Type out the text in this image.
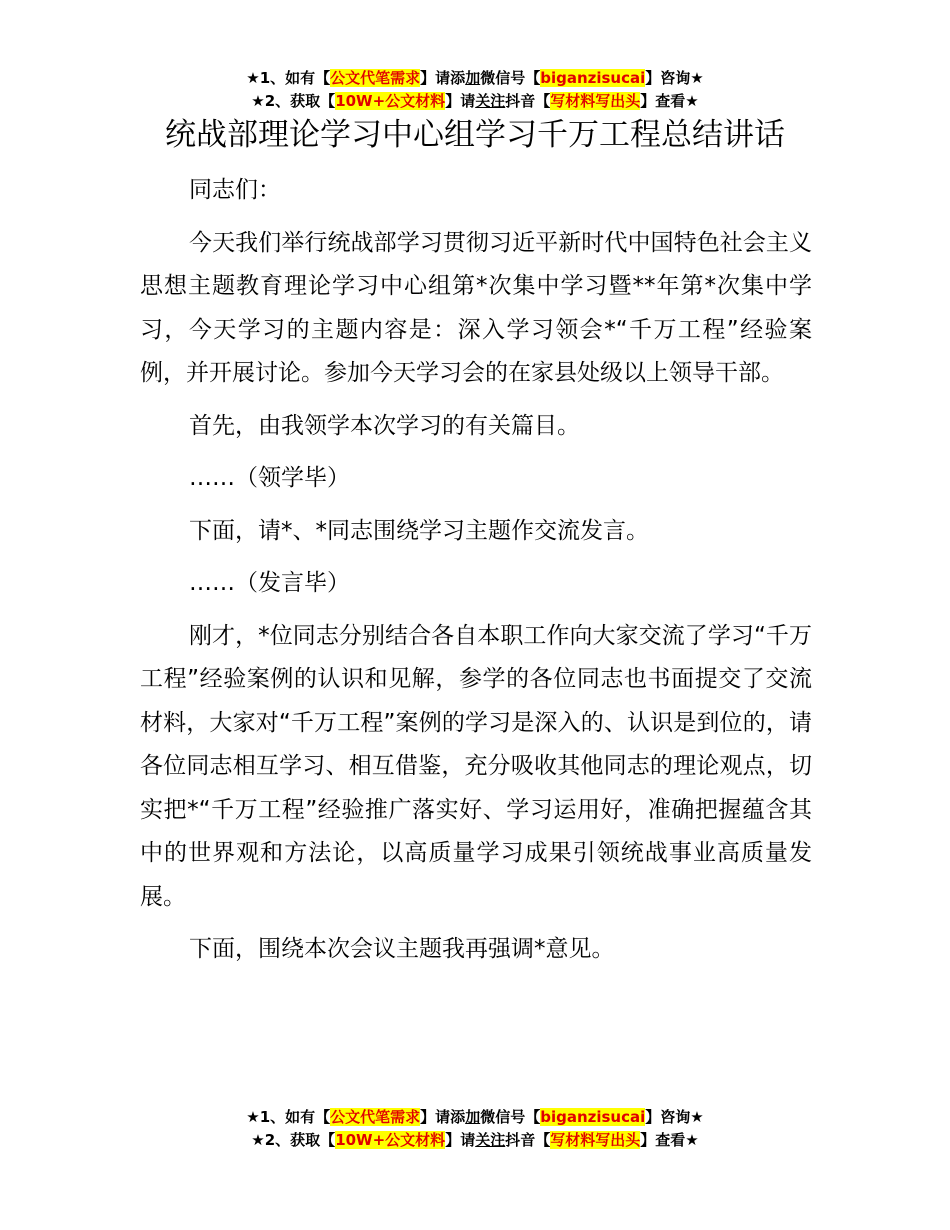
★1、如有【公文代笔需求】请添加微信号【biganzisucai】咨询★
★2、获取【10W+公文材料】请关注抖音【写材料写出头】查看★
统战部理论学习中心组学习千万工程总结讲话

同志们：

今天我们举行统战部学习贯彻习近平新时代中国特色社会主义思想主题教育理论学习中心组第*次集中学习暨**年第*次集中学习，今天学习的主题内容是：深入学习领会*“千万工程”经验案例，并开展讨论。参加今天学习会的在家县处级以上领导干部。

首先，由我领学本次学习的有关篇目。

……（领学毕）

下面，请*、*同志围绕学习主题作交流发言。

……（发言毕）

刚才，*位同志分别结合各自本职工作向大家交流了学习“千万工程”经验案例的认识和见解，参学的各位同志也书面提交了交流材料，大家对“千万工程”案例的学习是深入的、认识是到位的，请各位同志相互学习、相互借鉴，充分吸收其他同志的理论观点，切实把*“千万工程”经验推广落实好、学习运用好，准确把握蕴含其中的世界观和方法论，以高质量学习成果引领统战事业高质量发展。

下面，围绕本次会议主题我再强调*意见。

★1、如有【公文代笔需求】请添加微信号【biganzisucai】咨询★
★2、获取【10W+公文材料】请关注抖音【写材料写出头】查看★
